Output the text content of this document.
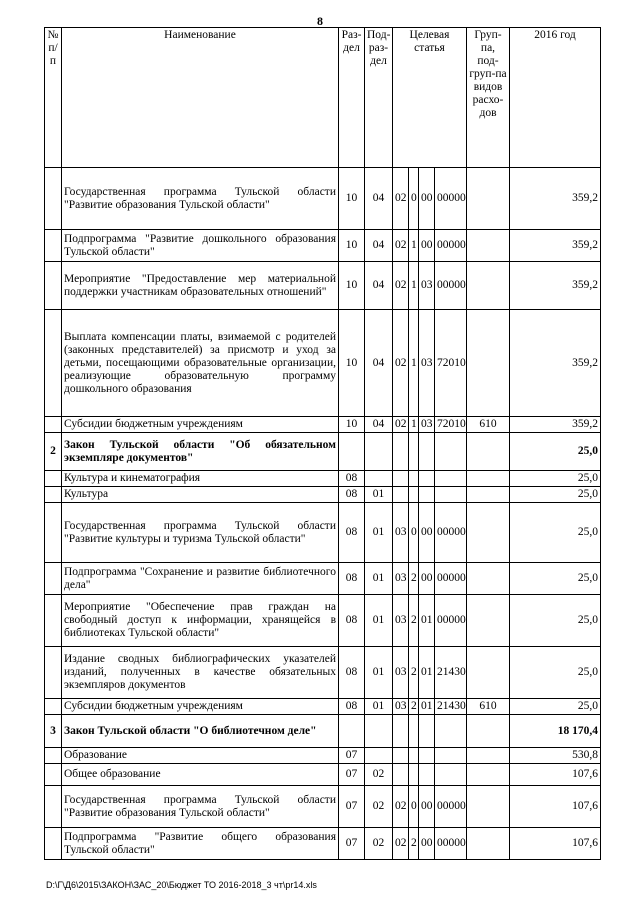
8
№ п/п	Наименование	Раз-дел	Под-раз-дел	Целевая статья				Груп-па, под-груп-па видов расхо-дов	2016 год
	Государственная программа Тульской области "Развитие образования Тульской области"	10	04	02	0	00	00000		359,2
	Подпрограмма "Развитие дошкольного образования Тульской области"	10	04	02	1	00	00000		359,2
	Мероприятие "Предоставление мер материальной поддержки участникам образовательных отношений"	10	04	02	1	03	00000		359,2
	Выплата компенсации платы, взимаемой с родителей (законных представителей) за присмотр и уход за детьми, посещающими образовательные организации, реализующие образовательную программу дошкольного образования	10	04	02	1	03	72010		359,2
	Субсидии бюджетным учреждениям	10	04	02	1	03	72010	610	359,2
2	Закон Тульской области "Об обязательном экземпляре документов"								25,0
	Культура и кинематография	08							25,0
	Культура	08	01						25,0
	Государственная программа Тульской области "Развитие культуры и туризма Тульской области"	08	01	03	0	00	00000		25,0
	Подпрограмма "Сохранение и развитие библиотечного дела"	08	01	03	2	00	00000		25,0
	Мероприятие "Обеспечение прав граждан на свободный доступ к информации, хранящейся в библиотеках Тульской области"	08	01	03	2	01	00000		25,0
	Издание сводных библиографических указателей изданий, полученных в качестве обязательных экземпляров документов	08	01	03	2	01	21430		25,0
	Субсидии бюджетным учреждениям	08	01	03	2	01	21430	610	25,0
3	Закон Тульской области "О библиотечном деле"								18 170,4
	Образование	07							530,8
	Общее образование	07	02						107,6
	Государственная программа Тульской области "Развитие образования Тульской области"	07	02	02	0	00	00000		107,6
	Подпрограмма "Развитие общего образования Тульской области"	07	02	02	2	00	00000		107,6
D:\Г\Д6\2015\ЗАКОН\ЗАС_20\Бюджет ТО 2016-2018_3 чт\pr14.xls
